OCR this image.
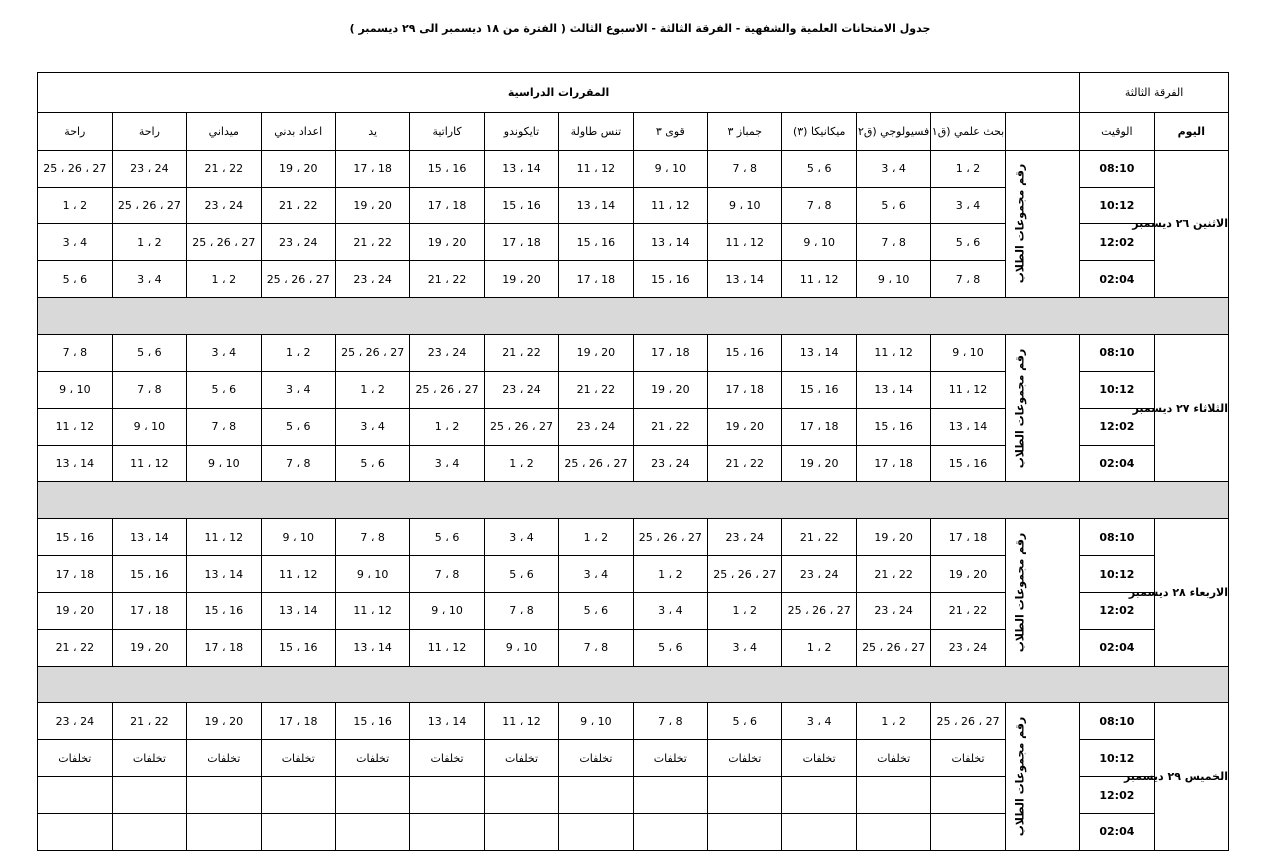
جدول الامتحانات العلمية والشفهية - الفرقة الثالثة - الاسبوع الثالث ( الفترة من ١٨ ديسمبر الى ٢٩ ديسمبر )
الفرقة الثالثة		المقررات الدراسية													
اليوم	الوقيت		بحث علمي (ق١	فسيولوجي (ق٢	ميكانيكا (٣)	جمباز ٣	قوى ٣	تنس طاولة	تايكوندو	كاراتية	يد	اعداد بدني	ميداني	راحة	راحة
الاثنين ٢٦ ديسمبر	08:10	رقم مجموعات الطلاب	1 ، 2	3 ، 4	5 ، 6	7 ، 8	9 ، 10	11 ، 12	13 ، 14	15 ، 16	17 ، 18	19 ، 20	21 ، 22	23 ، 24	25 ، 26 ، 27
	10:12		3 ، 4	5 ، 6	7 ، 8	9 ، 10	11 ، 12	13 ، 14	15 ، 16	17 ، 18	19 ، 20	21 ، 22	23 ، 24	25 ، 26 ، 27	1 ، 2
	12:02		5 ، 6	7 ، 8	9 ، 10	11 ، 12	13 ، 14	15 ، 16	17 ، 18	19 ، 20	21 ، 22	23 ، 24	25 ، 26 ، 27	1 ، 2	3 ، 4
	02:04		7 ، 8	9 ، 10	11 ، 12	13 ، 14	15 ، 16	17 ، 18	19 ، 20	21 ، 22	23 ، 24	25 ، 26 ، 27	1 ، 2	3 ، 4	5 ، 6

الثلاثاء ٢٧ ديسمبر	08:10	رقم مجموعات الطلاب	9 ، 10	11 ، 12	13 ، 14	15 ، 16	17 ، 18	19 ، 20	21 ، 22	23 ، 24	25 ، 26 ، 27	1 ، 2	3 ، 4	5 ، 6	7 ، 8
	10:12		11 ، 12	13 ، 14	15 ، 16	17 ، 18	19 ، 20	21 ، 22	23 ، 24	25 ، 26 ، 27	1 ، 2	3 ، 4	5 ، 6	7 ، 8	9 ، 10
	12:02		13 ، 14	15 ، 16	17 ، 18	19 ، 20	21 ، 22	23 ، 24	25 ، 26 ، 27	1 ، 2	3 ، 4	5 ، 6	7 ، 8	9 ، 10	11 ، 12
	02:04		15 ، 16	17 ، 18	19 ، 20	21 ، 22	23 ، 24	25 ، 26 ، 27	1 ، 2	3 ، 4	5 ، 6	7 ، 8	9 ، 10	11 ، 12	13 ، 14

الاربعاء ٢٨ ديسمبر	08:10	رقم مجموعات الطلاب	17 ، 18	19 ، 20	21 ، 22	23 ، 24	25 ، 26 ، 27	1 ، 2	3 ، 4	5 ، 6	7 ، 8	9 ، 10	11 ، 12	13 ، 14	15 ، 16
	10:12		19 ، 20	21 ، 22	23 ، 24	25 ، 26 ، 27	1 ، 2	3 ، 4	5 ، 6	7 ، 8	9 ، 10	11 ، 12	13 ، 14	15 ، 16	17 ، 18
	12:02		21 ، 22	23 ، 24	25 ، 26 ، 27	1 ، 2	3 ، 4	5 ، 6	7 ، 8	9 ، 10	11 ، 12	13 ، 14	15 ، 16	17 ، 18	19 ، 20
	02:04		23 ، 24	25 ، 26 ، 27	1 ، 2	3 ، 4	5 ، 6	7 ، 8	9 ، 10	11 ، 12	13 ، 14	15 ، 16	17 ، 18	19 ، 20	21 ، 22

الخميس ٢٩ ديسمبر	08:10	رقم مجموعات الطلاب	25 ، 26 ، 27	1 ، 2	3 ، 4	5 ، 6	7 ، 8	9 ، 10	11 ، 12	13 ، 14	15 ، 16	17 ، 18	19 ، 20	21 ، 22	23 ، 24
	10:12		تخلفات	تخلفات	تخلفات	تخلفات	تخلفات	تخلفات	تخلفات	تخلفات	تخلفات	تخلفات	تخلفات	تخلفات	تخلفات
	12:02														
	02:04														
